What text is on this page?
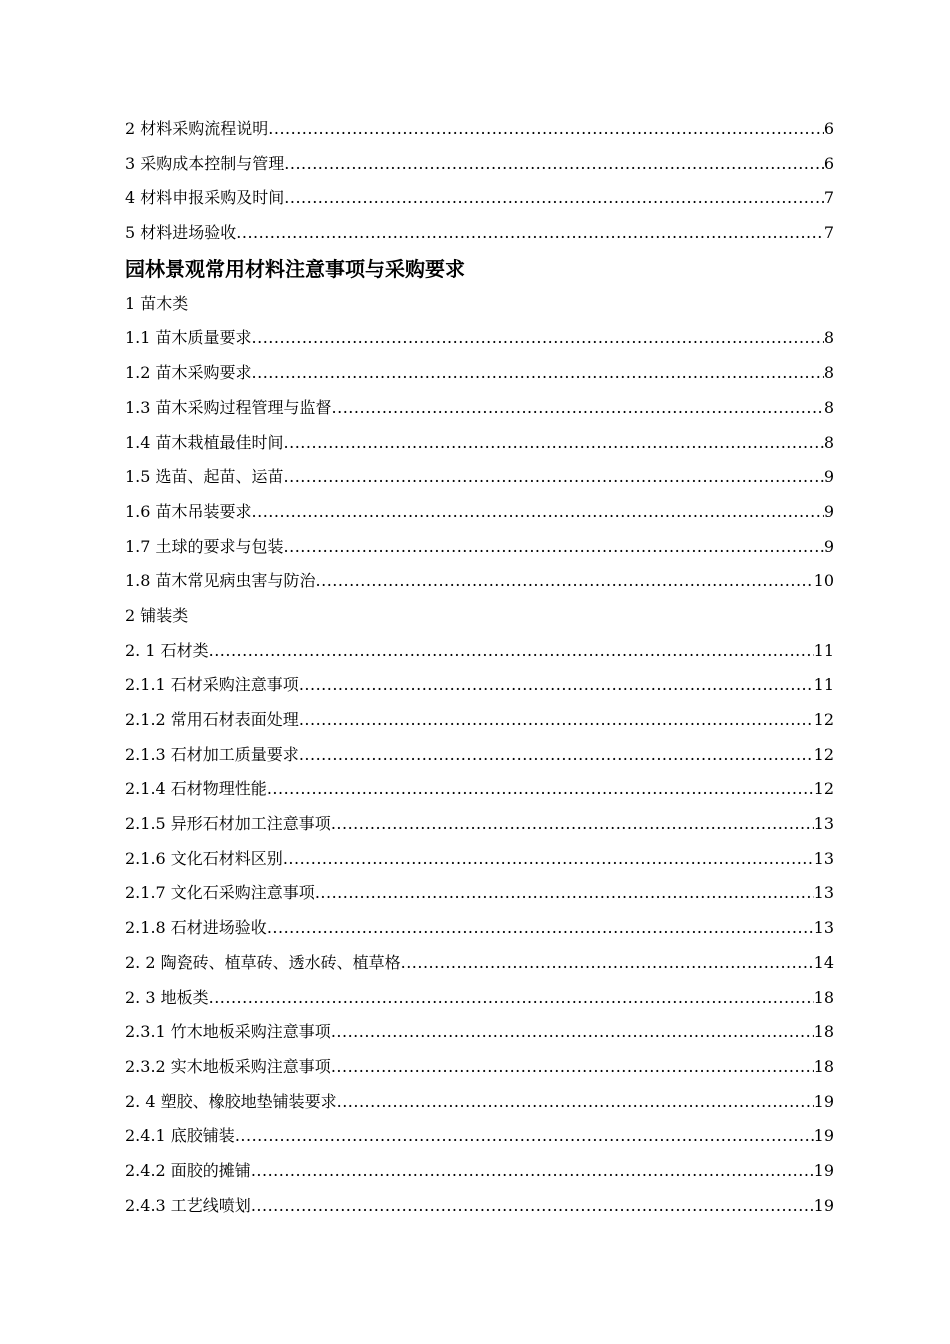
2 材料采购流程说明 .....	6
3 采购成本控制与管理 .....	6
4 材料申报采购及时间 .....	7
5 材料进场验收 .....	7
园林景观常用材料注意事项与采购要求
1 苗木类
1.1 苗木质量要求 .....	8
1.2 苗木采购要求 .....	8
1.3 苗木采购过程管理与监督 .....	8
1.4 苗木栽植最佳时间 .....	8
1.5 选苗、起苗、运苗 .....	9
1.6 苗木吊装要求 .....	9
1.7 土球的要求与包装 .....	9
1.8 苗木常见病虫害与防治 .....	10
2 铺装类
2. 1 石材类 .....	11
2.1.1 石材采购注意事项 .....	11
2.1.2 常用石材表面处理 .....	12
2.1.3 石材加工质量要求 .....	12
2.1.4 石材物理性能 .....	12
2.1.5 异形石材加工注意事项 .....	13
2.1.6 文化石材料区别 .....	13
2.1.7 文化石采购注意事项 .....	13
2.1.8 石材进场验收 .....	13
2. 2 陶瓷砖、植草砖、透水砖、植草格 .....	14
2. 3 地板类 .....	18
2.3.1 竹木地板采购注意事项 .....	18
2.3.2 实木地板采购注意事项 .....	18
2. 4 塑胶、橡胶地垫铺装要求 .....	19
2.4.1 底胶铺装 .....	19
2.4.2 面胶的摊铺 .....	19
2.4.3 工艺线喷划 .....	19
